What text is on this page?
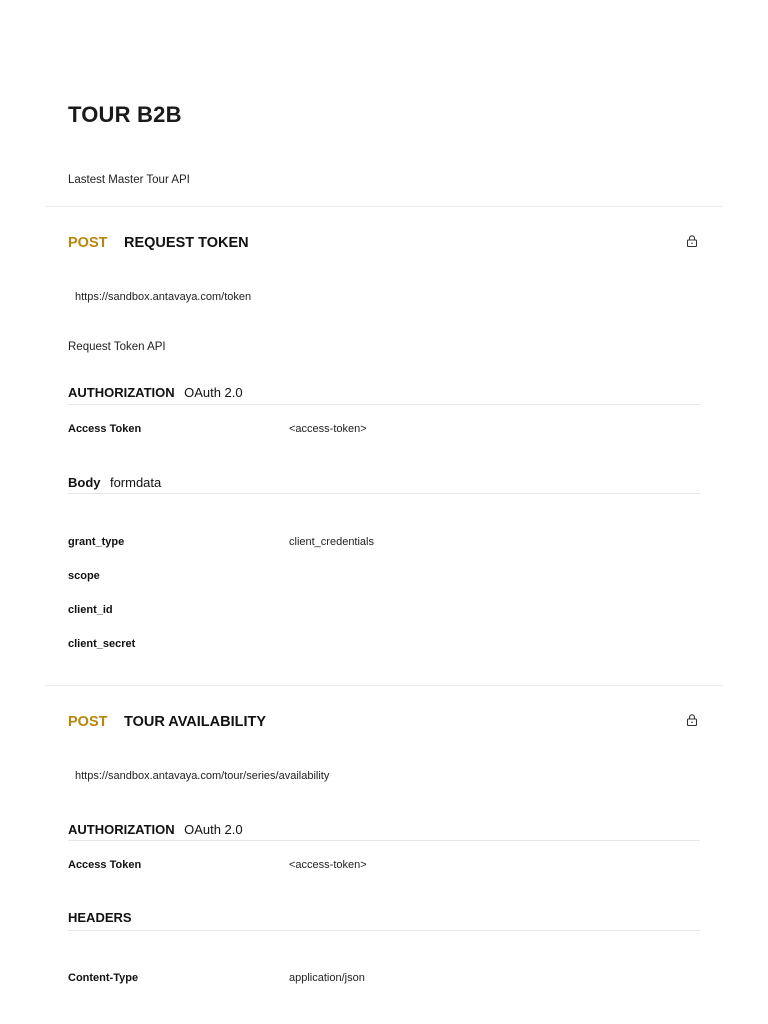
TOUR B2B
Lastest Master Tour API
POST REQUEST TOKEN
https://sandbox.antavaya.com/token
Request Token API
AUTHORIZATION OAuth 2.0
Access Token	<access-token>
Body formdata
grant_type	client_credentials
scope
client_id
client_secret
POST TOUR AVAILABILITY
https://sandbox.antavaya.com/tour/series/availability
AUTHORIZATION OAuth 2.0
Access Token	<access-token>
HEADERS
Content-Type	application/json
